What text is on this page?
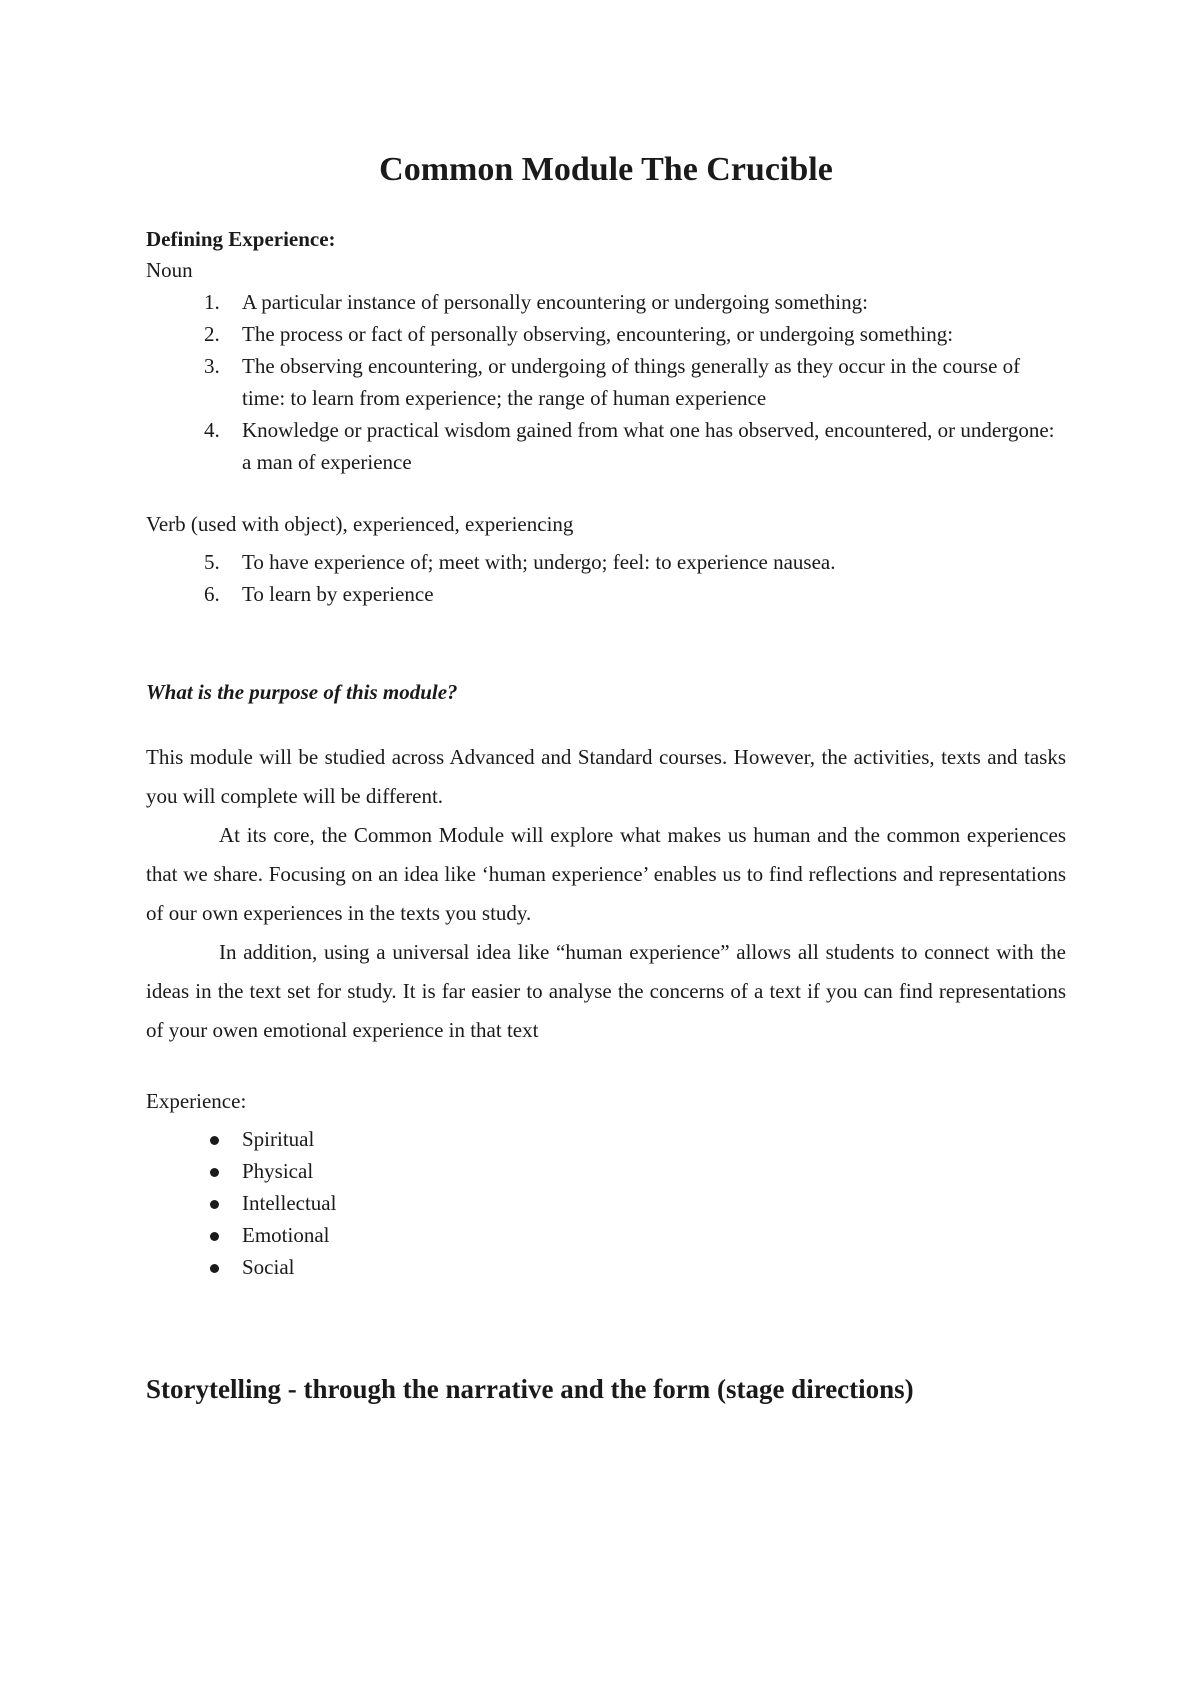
Common Module The Crucible
Defining Experience:
Noun
1.	A particular instance of personally encountering or undergoing something:
2.	The process or fact of personally observing, encountering, or undergoing something:
3.	The observing encountering, or undergoing of things generally as they occur in the course of time: to learn from experience; the range of human experience
4.	Knowledge or practical wisdom gained from what one has observed, encountered, or undergone: a man of experience
Verb (used with object), experienced, experiencing
5.	To have experience of; meet with; undergo; feel: to experience nausea.
6.	To learn by experience
What is the purpose of this module?

This module will be studied across Advanced and Standard courses. However, the activities, texts and tasks you will complete will be different.

At its core, the Common Module will explore what makes us human and the common experiences that we share. Focusing on an idea like ‘human experience’ enables us to find reflections and representations of our own experiences in the texts you study.

In addition, using a universal idea like “human experience” allows all students to connect with the ideas in the text set for study. It is far easier to analyse the concerns of a text if you can find representations of your owen emotional experience in that text

Experience:
Spiritual
Physical
Intellectual
Emotional
Social
Storytelling - through the narrative and the form (stage directions)
